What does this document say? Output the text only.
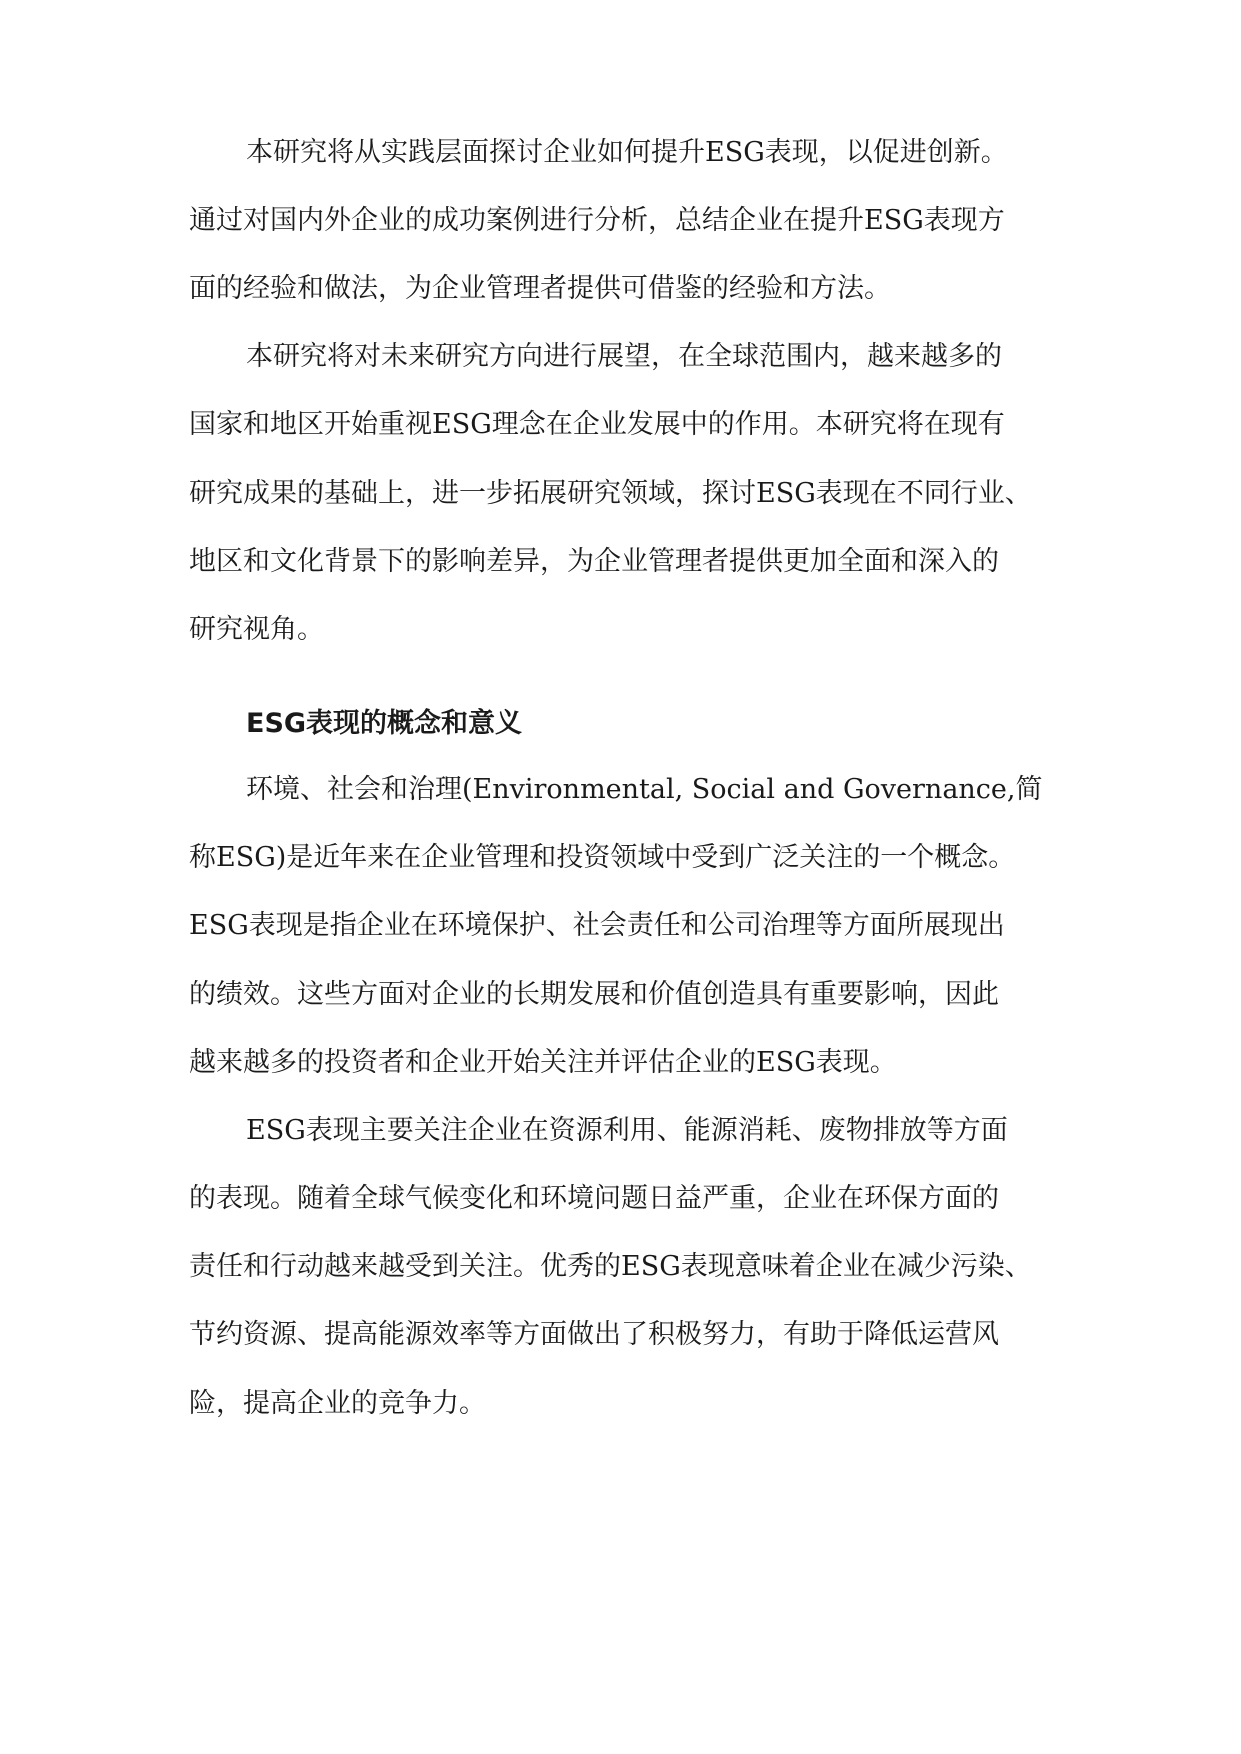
本研究将从实践层面探讨企业如何提升ESG表现，以促进创新。
通过对国内外企业的成功案例进行分析，总结企业在提升ESG表现方
面的经验和做法，为企业管理者提供可借鉴的经验和方法。
本研究将对未来研究方向进行展望，在全球范围内，越来越多的
国家和地区开始重视ESG理念在企业发展中的作用。本研究将在现有
研究成果的基础上，进一步拓展研究领域，探讨ESG表现在不同行业、
地区和文化背景下的影响差异，为企业管理者提供更加全面和深入的
研究视角。
ESG表现的概念和意义
环境、社会和治理(Environmental, Social and Governance,简
称ESG)是近年来在企业管理和投资领域中受到广泛关注的一个概念。
ESG表现是指企业在环境保护、社会责任和公司治理等方面所展现出
的绩效。这些方面对企业的长期发展和价值创造具有重要影响，因此
越来越多的投资者和企业开始关注并评估企业的ESG表现。
ESG表现主要关注企业在资源利用、能源消耗、废物排放等方面
的表现。随着全球气候变化和环境问题日益严重，企业在环保方面的
责任和行动越来越受到关注。优秀的ESG表现意味着企业在减少污染、
节约资源、提高能源效率等方面做出了积极努力，有助于降低运营风
险，提高企业的竞争力。
